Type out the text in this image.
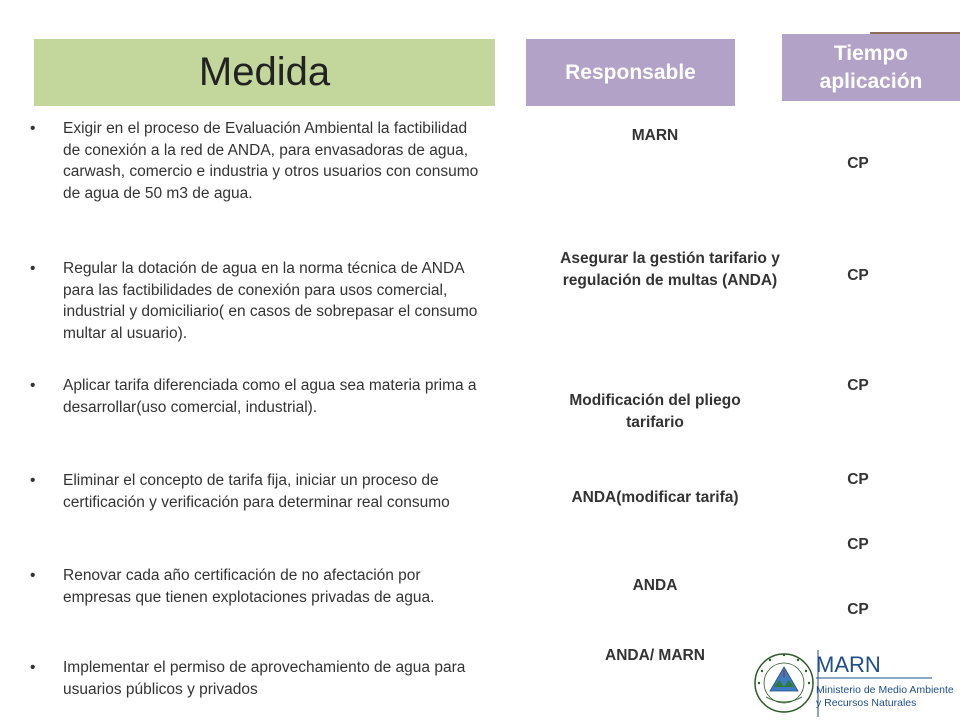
Medida	Responsable
Tiempo
aplicación
• Exigir en el proceso de Evaluación Ambiental la factibilidad de conexión a la red de ANDA, para envasadoras de agua, carwash, comercio e industria y otros usuarios con consumo de agua de 50 m3 de agua.
• Regular la dotación de agua en la norma técnica de ANDA para las factibilidades de conexión para usos comercial, industrial y domiciliario( en casos de sobrepasar el consumo multar al usuario).
• Aplicar tarifa diferenciada como el agua sea materia prima a desarrollar(uso comercial, industrial).
• Eliminar el concepto de tarifa fija, iniciar un proceso de certificación y verificación para determinar real consumo
• Renovar cada año certificación de no afectación por empresas que tienen explotaciones privadas de agua.
• Implementar el permiso de aprovechamiento de agua para usuarios públicos y privados
MARN
Asegurar la gestión tarifario y regulación de multas (ANDA)
Modificación del pliego tarifario
ANDA(modificar tarifa)
ANDA
ANDA/ MARN
CP
CP
CP
CP
CP
CP
MARN
Ministerio de Medio Ambiente
y Recursos Naturales
